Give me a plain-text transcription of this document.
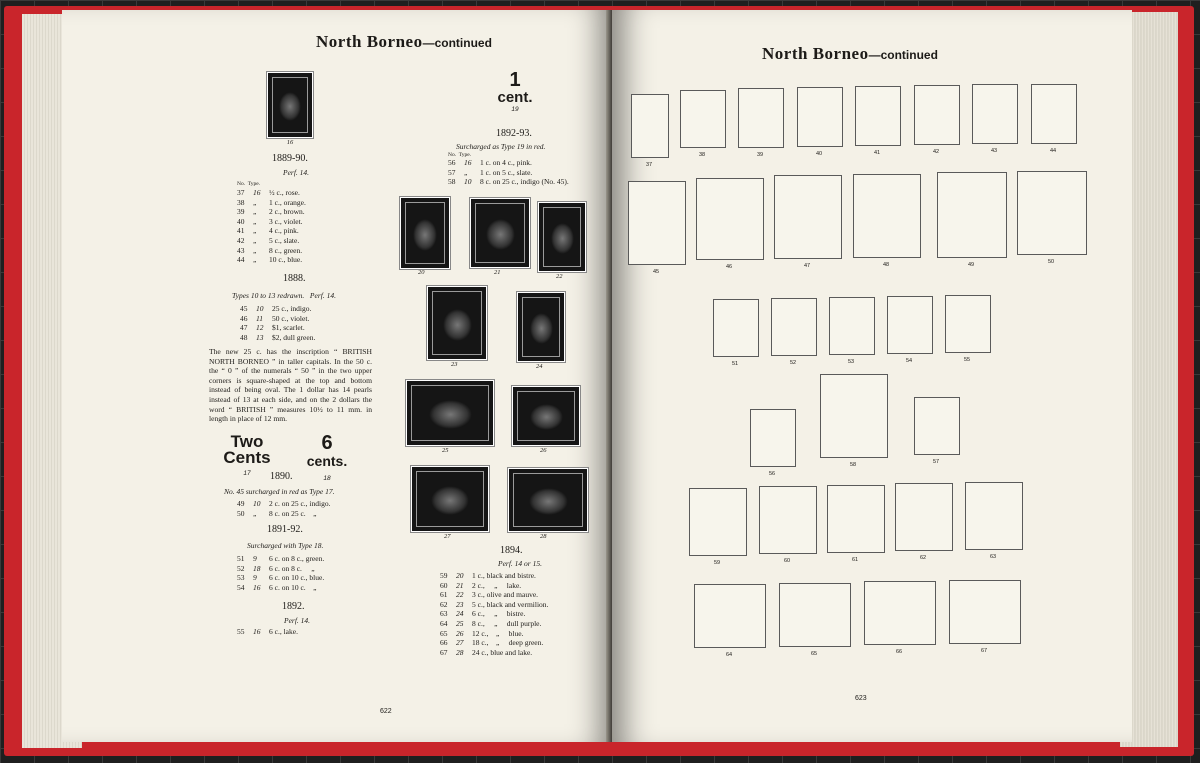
North Borneo—continued
16
1889-90.
Perf. 14.
No.  Type.
37 16 ½ c., rose.
38 „ 1 c., orange.
39 „ 2 c., brown.
40 „ 3 c., violet.
41 „ 4 c., pink.
42 „ 5 c., slate.
43 „ 8 c., green.
44 „ 10 c., blue.
1888.
Types 10 to 13 redrawn.   Perf. 14.
45 10 25 c., indigo.
46 11 50 c., violet.
47 12 $1, scarlet.
48 13 $2, dull green.
The new 25 c. has the inscription “ BRITISH NORTH BORNEO ” in taller capitals. In the 50 c. the “ 0 ” of the numerals “ 50 ” in the two upper corners is square-shaped at the top and bottom instead of being oval. The 1 dollar has 14 pearls instead of 13 at each side, and on the 2 dollars the word “ BRITISH ” measures 10½ to 11 mm. in length in place of 12 mm.
Two
Cents
17
6
cents.
18
1890.
No. 45 surcharged in red as Type 17.
49 10 2 c. on 25 c., indigo.
50 „ 8 c. on 25 c.    „
1891-92.
Surcharged with Type 18.
51 9 6 c. on 8 c., green.
52 18 6 c. on 8 c.     „
53 9 6 c. on 10 c., blue.
54 16 6 c. on 10 c.    „
1892.
Perf. 14.
55 16 6 c., lake.
1
cent.
19
1892-93.
Surcharged as Type 19 in red.
No.  Type.
56 16 1 c. on 4 c., pink.
57 „ 1 c. on 5 c., slate.
58 10 8 c. on 25 c., indigo (No. 45).
20	21
22
23	24
25	26
27	28
1894.
Perf. 14 or 15.
59 20 1 c., black and bistre.
60 21 2 c.,     „     lake.
61 22 3 c., olive and mauve.
62 23 5 c., black and vermilion.
63 24 6 c.,     „     bistre.
64 25 8 c.,     „     dull purple.
65 26 12 c.,    „     blue.
66 27 18 c.,    „     deep green.
67 28 24 c., blue and lake.
622
North Borneo—continued
37
38	39	40	41	42	43	44
45
46	47	48	49	50
51	52	53	54	55
56
58	57
59	60	61	62	63
64	65	66	67
623
